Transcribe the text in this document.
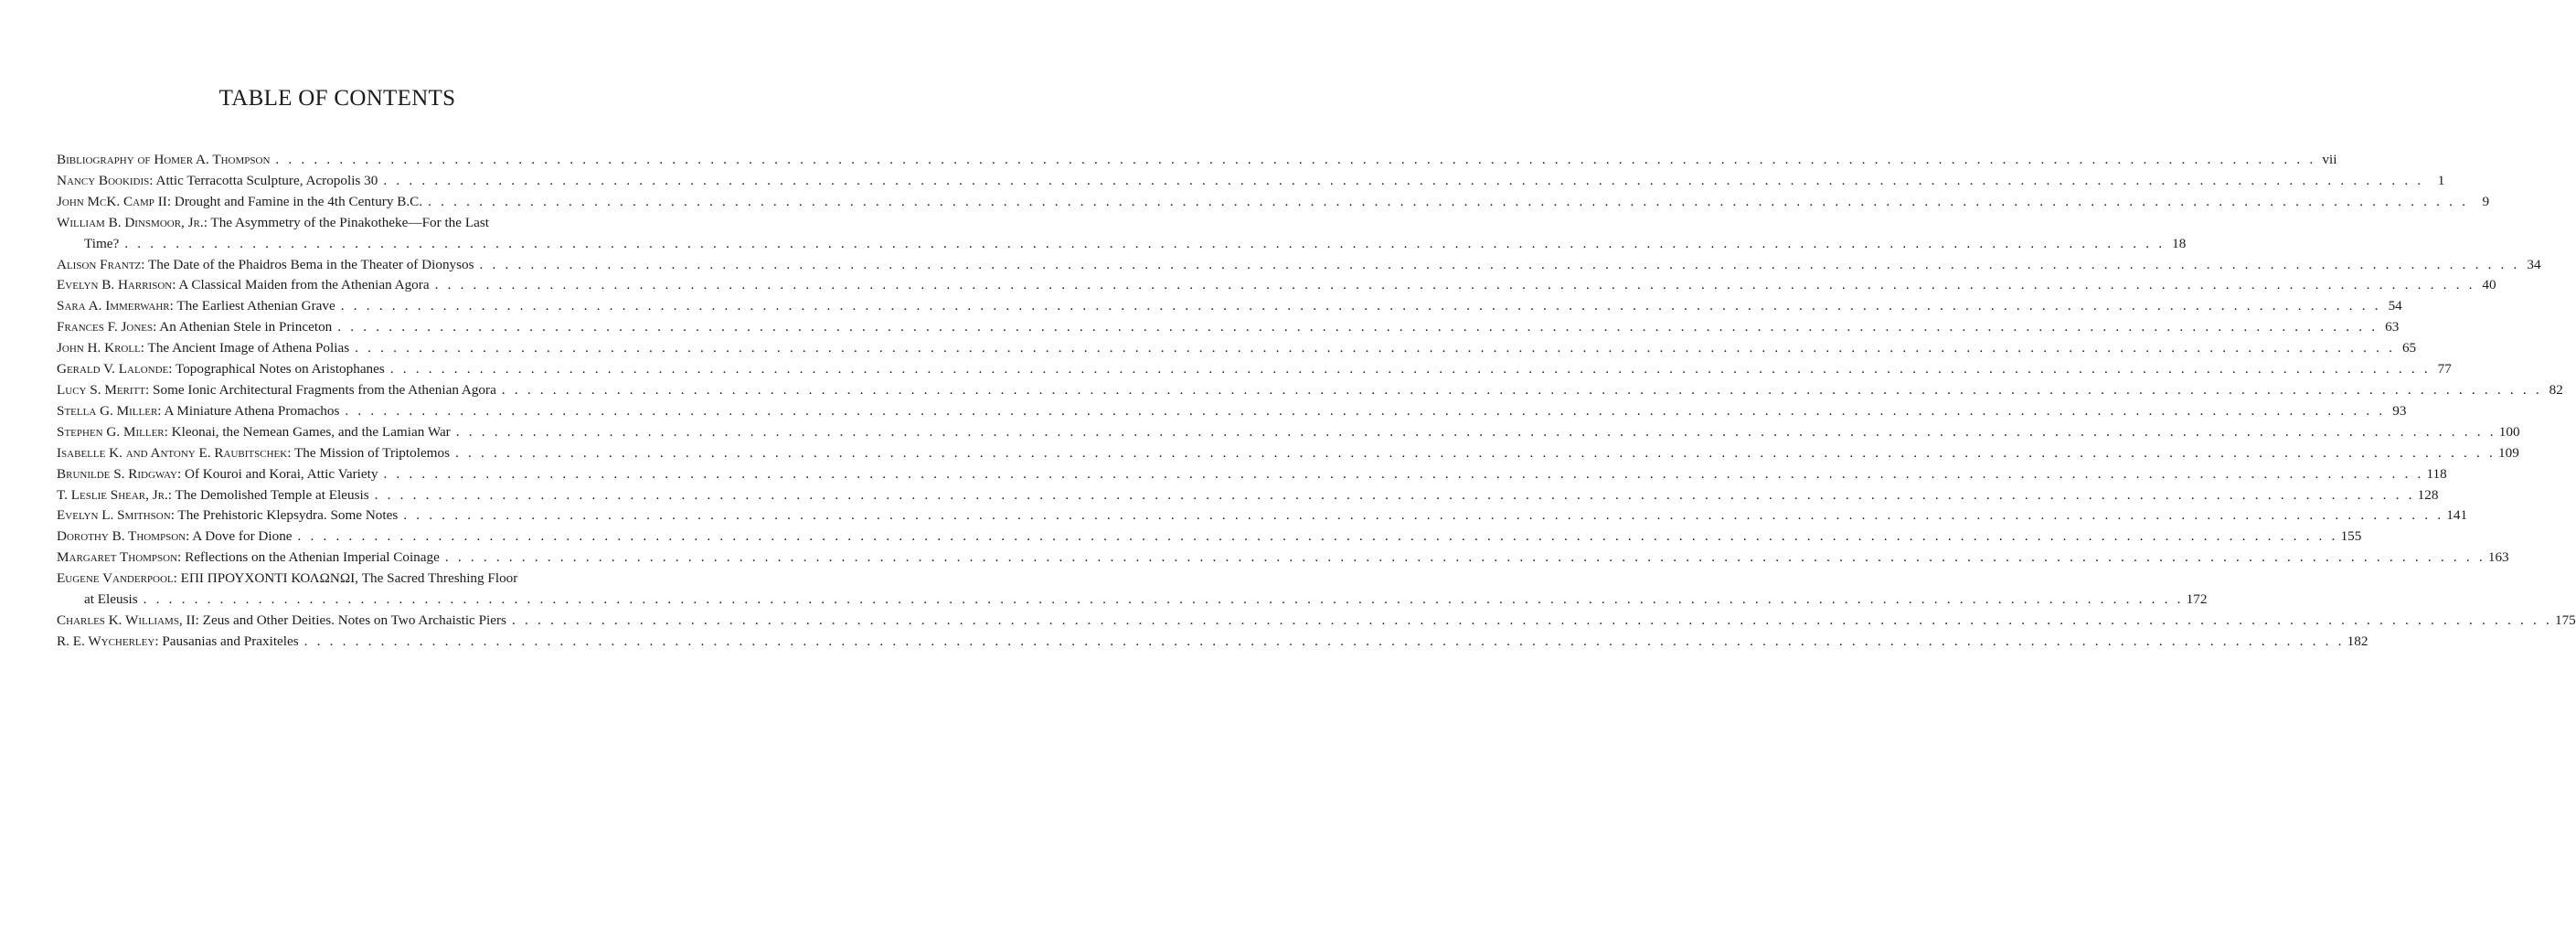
TABLE OF CONTENTS
Bibliography of Homer A. Thompson . . . . . . . . . . . . . . . . . . . . . . . . . . . . . . . . . . . . . . . . . . . . . . . . . . . . . . . . . . . . . . . . . . . . . . . . . . . . . . . . . . . . . . . . . . . . . . . . . . . . . . . . . . . . . . . . . . . . . . . . . . . . . . . . . . . . . . . . . . . . . . . . . . . . . . . . . . . . . . . . vii
Nancy Bookidis: Attic Terracotta Sculpture, Acropolis 30 . . . . . . . . . . . . . . . . . . . . . . . . . . . . . . . . . . . . . . . . . . . . . . . . . . . . . . . . . . . . . . . . . . . . . . . . . . . . . . . . . . . . . . . . . . . . . . . . . . . . . . . . . . . . . . . . . . . . . . . . . . . . . . . . . . . . . . . . . . . . . . . . . . . . . . . . . . . . . . . .	1
John McK. Camp II: Drought and Famine in the 4th Century B.C. . . . . . . . . . . . . . . . . . . . . . . . . . . . . . . . . . . . . . . . . . . . . . . . . . . . . . . . . . . . . . . . . . . . . . . . . . . . . . . . . . . . . . . . . . . . . . . . . . . . . . . . . . . . . . . . . . . . . . . . . . . . . . . . . . . . . . . . . . . . . . . . . . . . . . . . . . . . . . . . .	9
William B. Dinsmoor, Jr.: The Asymmetry of the Pinakotheke—For the Last
Time? . . . . . . . . . . . . . . . . . . . . . . . . . . . . . . . . . . . . . . . . . . . . . . . . . . . . . . . . . . . . . . . . . . . . . . . . . . . . . . . . . . . . . . . . . . . . . . . . . . . . . . . . . . . . . . . . . . . . . . . . . . . . . . . . . . . . . . . . . . . . . . . . . . . . . . . . . . . . . . . . 18
Alison Frantz: The Date of the Phaidros Bema in the Theater of Dionysos . . . . . . . . . . . . . . . . . . . . . . . . . . . . . . . . . . . . . . . . . . . . . . . . . . . . . . . . . . . . . . . . . . . . . . . . . . . . . . . . . . . . . . . . . . . . . . . . . . . . . . . . . . . . . . . . . . . . . . . . . . . . . . . . . . . . . . . . . . . . . . . . . . . . . . . . . . . . . . . . 34
Evelyn B. Harrison: A Classical Maiden from the Athenian Agora . . . . . . . . . . . . . . . . . . . . . . . . . . . . . . . . . . . . . . . . . . . . . . . . . . . . . . . . . . . . . . . . . . . . . . . . . . . . . . . . . . . . . . . . . . . . . . . . . . . . . . . . . . . . . . . . . . . . . . . . . . . . . . . . . . . . . . . . . . . . . . . . . . . . . . . . . . . . . . . . 40
Sara A. Immerwahr: The Earliest Athenian Grave . . . . . . . . . . . . . . . . . . . . . . . . . . . . . . . . . . . . . . . . . . . . . . . . . . . . . . . . . . . . . . . . . . . . . . . . . . . . . . . . . . . . . . . . . . . . . . . . . . . . . . . . . . . . . . . . . . . . . . . . . . . . . . . . . . . . . . . . . . . . . . . . . . . . . . . . . . . . . . . . 54
Frances F. Jones: An Athenian Stele in Princeton . . . . . . . . . . . . . . . . . . . . . . . . . . . . . . . . . . . . . . . . . . . . . . . . . . . . . . . . . . . . . . . . . . . . . . . . . . . . . . . . . . . . . . . . . . . . . . . . . . . . . . . . . . . . . . . . . . . . . . . . . . . . . . . . . . . . . . . . . . . . . . . . . . . . . . . . . . . . . . . . 63
John H. Kroll: The Ancient Image of Athena Polias . . . . . . . . . . . . . . . . . . . . . . . . . . . . . . . . . . . . . . . . . . . . . . . . . . . . . . . . . . . . . . . . . . . . . . . . . . . . . . . . . . . . . . . . . . . . . . . . . . . . . . . . . . . . . . . . . . . . . . . . . . . . . . . . . . . . . . . . . . . . . . . . . . . . . . . . . . . . . . . . 65
Gerald V. Lalonde: Topographical Notes on Aristophanes . . . . . . . . . . . . . . . . . . . . . . . . . . . . . . . . . . . . . . . . . . . . . . . . . . . . . . . . . . . . . . . . . . . . . . . . . . . . . . . . . . . . . . . . . . . . . . . . . . . . . . . . . . . . . . . . . . . . . . . . . . . . . . . . . . . . . . . . . . . . . . . . . . . . . . . . . . . . . . . . 77
Lucy S. Meritt: Some Ionic Architectural Fragments from the Athenian Agora . . . . . . . . . . . . . . . . . . . . . . . . . . . . . . . . . . . . . . . . . . . . . . . . . . . . . . . . . . . . . . . . . . . . . . . . . . . . . . . . . . . . . . . . . . . . . . . . . . . . . . . . . . . . . . . . . . . . . . . . . . . . . . . . . . . . . . . . . . . . . . . . . . . . . . . . . . . . . . . . 82
Stella G. Miller: A Miniature Athena Promachos . . . . . . . . . . . . . . . . . . . . . . . . . . . . . . . . . . . . . . . . . . . . . . . . . . . . . . . . . . . . . . . . . . . . . . . . . . . . . . . . . . . . . . . . . . . . . . . . . . . . . . . . . . . . . . . . . . . . . . . . . . . . . . . . . . . . . . . . . . . . . . . . . . . . . . . . . . . . . . . . 93
Stephen G. Miller: Kleonai, the Nemean Games, and the Lamian War . . . . . . . . . . . . . . . . . . . . . . . . . . . . . . . . . . . . . . . . . . . . . . . . . . . . . . . . . . . . . . . . . . . . . . . . . . . . . . . . . . . . . . . . . . . . . . . . . . . . . . . . . . . . . . . . . . . . . . . . . . . . . . . . . . . . . . . . . . . . . . . . . . . . . . . . . . . . . . . . 100
Isabelle K. and Antony E. Raubitschek: The Mission of Triptolemos . . . . . . . . . . . . . . . . . . . . . . . . . . . . . . . . . . . . . . . . . . . . . . . . . . . . . . . . . . . . . . . . . . . . . . . . . . . . . . . . . . . . . . . . . . . . . . . . . . . . . . . . . . . . . . . . . . . . . . . . . . . . . . . . . . . . . . . . . . . . . . . . . . . . . . . . . . . . . . . . 109
Brunilde S. Ridgway: Of Kouroi and Korai, Attic Variety . . . . . . . . . . . . . . . . . . . . . . . . . . . . . . . . . . . . . . . . . . . . . . . . . . . . . . . . . . . . . . . . . . . . . . . . . . . . . . . . . . . . . . . . . . . . . . . . . . . . . . . . . . . . . . . . . . . . . . . . . . . . . . . . . . . . . . . . . . . . . . . . . . . . . . . . . . . . . . . . 118
T. Leslie Shear, Jr.: The Demolished Temple at Eleusis . . . . . . . . . . . . . . . . . . . . . . . . . . . . . . . . . . . . . . . . . . . . . . . . . . . . . . . . . . . . . . . . . . . . . . . . . . . . . . . . . . . . . . . . . . . . . . . . . . . . . . . . . . . . . . . . . . . . . . . . . . . . . . . . . . . . . . . . . . . . . . . . . . . . . . . . . . . . . . . . 128
Evelyn L. Smithson: The Prehistoric Klepsydra. Some Notes . . . . . . . . . . . . . . . . . . . . . . . . . . . . . . . . . . . . . . . . . . . . . . . . . . . . . . . . . . . . . . . . . . . . . . . . . . . . . . . . . . . . . . . . . . . . . . . . . . . . . . . . . . . . . . . . . . . . . . . . . . . . . . . . . . . . . . . . . . . . . . . . . . . . . . . . . . . . . . . . 141
Dorothy B. Thompson: A Dove for Dione . . . . . . . . . . . . . . . . . . . . . . . . . . . . . . . . . . . . . . . . . . . . . . . . . . . . . . . . . . . . . . . . . . . . . . . . . . . . . . . . . . . . . . . . . . . . . . . . . . . . . . . . . . . . . . . . . . . . . . . . . . . . . . . . . . . . . . . . . . . . . . . . . . . . . . . . . . . . . . . . 155
Margaret Thompson: Reflections on the Athenian Imperial Coinage . . . . . . . . . . . . . . . . . . . . . . . . . . . . . . . . . . . . . . . . . . . . . . . . . . . . . . . . . . . . . . . . . . . . . . . . . . . . . . . . . . . . . . . . . . . . . . . . . . . . . . . . . . . . . . . . . . . . . . . . . . . . . . . . . . . . . . . . . . . . . . . . . . . . . . . . . . . . . . . . 163
Eugene Vanderpool: ΕΠΙ ΠΡΟΥΧΟΝΤΙ ΚΟΛΩΝΩΙ, The Sacred Threshing Floor
at Eleusis . . . . . . . . . . . . . . . . . . . . . . . . . . . . . . . . . . . . . . . . . . . . . . . . . . . . . . . . . . . . . . . . . . . . . . . . . . . . . . . . . . . . . . . . . . . . . . . . . . . . . . . . . . . . . . . . . . . . . . . . . . . . . . . . . . . . . . . . . . . . . . . . . . . . . . . . . . . . . . . . 172
Charles K. Williams, II: Zeus and Other Deities. Notes on Two Archaistic Piers . . . . . . . . . . . . . . . . . . . . . . . . . . . . . . . . . . . . . . . . . . . . . . . . . . . . . . . . . . . . . . . . . . . . . . . . . . . . . . . . . . . . . . . . . . . . . . . . . . . . . . . . . . . . . . . . . . . . . . . . . . . . . . . . . . . . . . . . . . . . . . . . . . . . . . . . . . . . . . . . 175
R. E. Wycherley: Pausanias and Praxiteles . . . . . . . . . . . . . . . . . . . . . . . . . . . . . . . . . . . . . . . . . . . . . . . . . . . . . . . . . . . . . . . . . . . . . . . . . . . . . . . . . . . . . . . . . . . . . . . . . . . . . . . . . . . . . . . . . . . . . . . . . . . . . . . . . . . . . . . . . . . . . . . . . . . . . . . . . . . . . . . . 182
